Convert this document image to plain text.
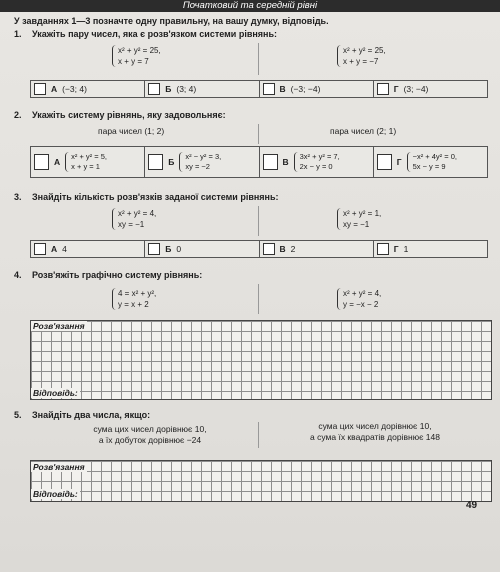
Початковий та середній рівні
У завданнях 1—3 позначте одну правильну, на вашу думку, відповідь.
1. Укажіть пару чисел, яка є розв'язком системи рівнянь:
x² + y² = 25,
x + y = 7
x² + y² = 25,
x + y = −7
А (−3; 4)	Б (3; 4)	В (−3; −4)	Г (3; −4)
2. Укажіть систему рівнянь, яку задовольняє:
пара чисел (1; 2)	пара чисел (2; 1)
А
x² + y² = 5,
x + y = 1	Б
x² − y² = 3,
xy = −2	В
3x² + y² = 7,
2x − y = 0	Г
−x² + 4y² = 0,
5x − y = 9
3. Знайдіть кількість розв'язків заданої системи рівнянь:
x² + y² = 4,
xy = −1
x² + y² = 1,
xy = −1
А 4	Б 0	В 2	Г 1
4. Розв'яжіть графічно систему рівнянь:
4 = x² + y²,
y = x + 2
x² + y² = 4,
y = −x − 2
Розв'язання
Відповідь:
5. Знайдіть два числа, якщо:
сума цих чисел дорівнює 10,
а їх добуток дорівнює −24
сума цих чисел дорівнює 10,
а сума їх квадратів дорівнює 148
Розв'язання
Відповідь:
49
